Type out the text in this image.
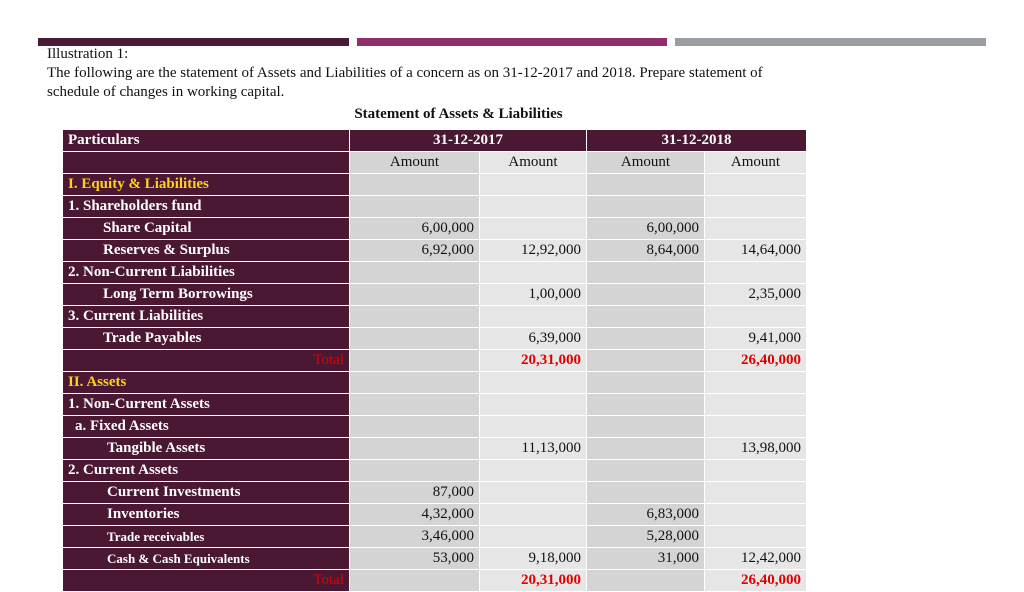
Illustration 1:
The following are the statement of Assets and Liabilities of a concern as on 31-12-2017 and 2018. Prepare statement of
schedule of changes in working capital.
Statement of Assets & Liabilities
Particulars	31-12-2017		31-12-2018	
	Amount	Amount	Amount	Amount
I. Equity & Liabilities				
1. Shareholders fund				
Share Capital	6,00,000		6,00,000	
Reserves & Surplus	6,92,000	12,92,000	8,64,000	14,64,000
2. Non-Current Liabilities				
Long Term Borrowings		1,00,000		2,35,000
3. Current Liabilities				
Trade Payables		6,39,000		9,41,000
Total		20,31,000		26,40,000
II. Assets				
1. Non-Current Assets				
a. Fixed Assets				
Tangible Assets		11,13,000		13,98,000
2. Current Assets				
Current Investments	87,000			
Inventories	4,32,000		6,83,000	
Trade receivables	3,46,000		5,28,000	
Cash & Cash Equivalents	53,000	9,18,000	31,000	12,42,000
Total		20,31,000		26,40,000
